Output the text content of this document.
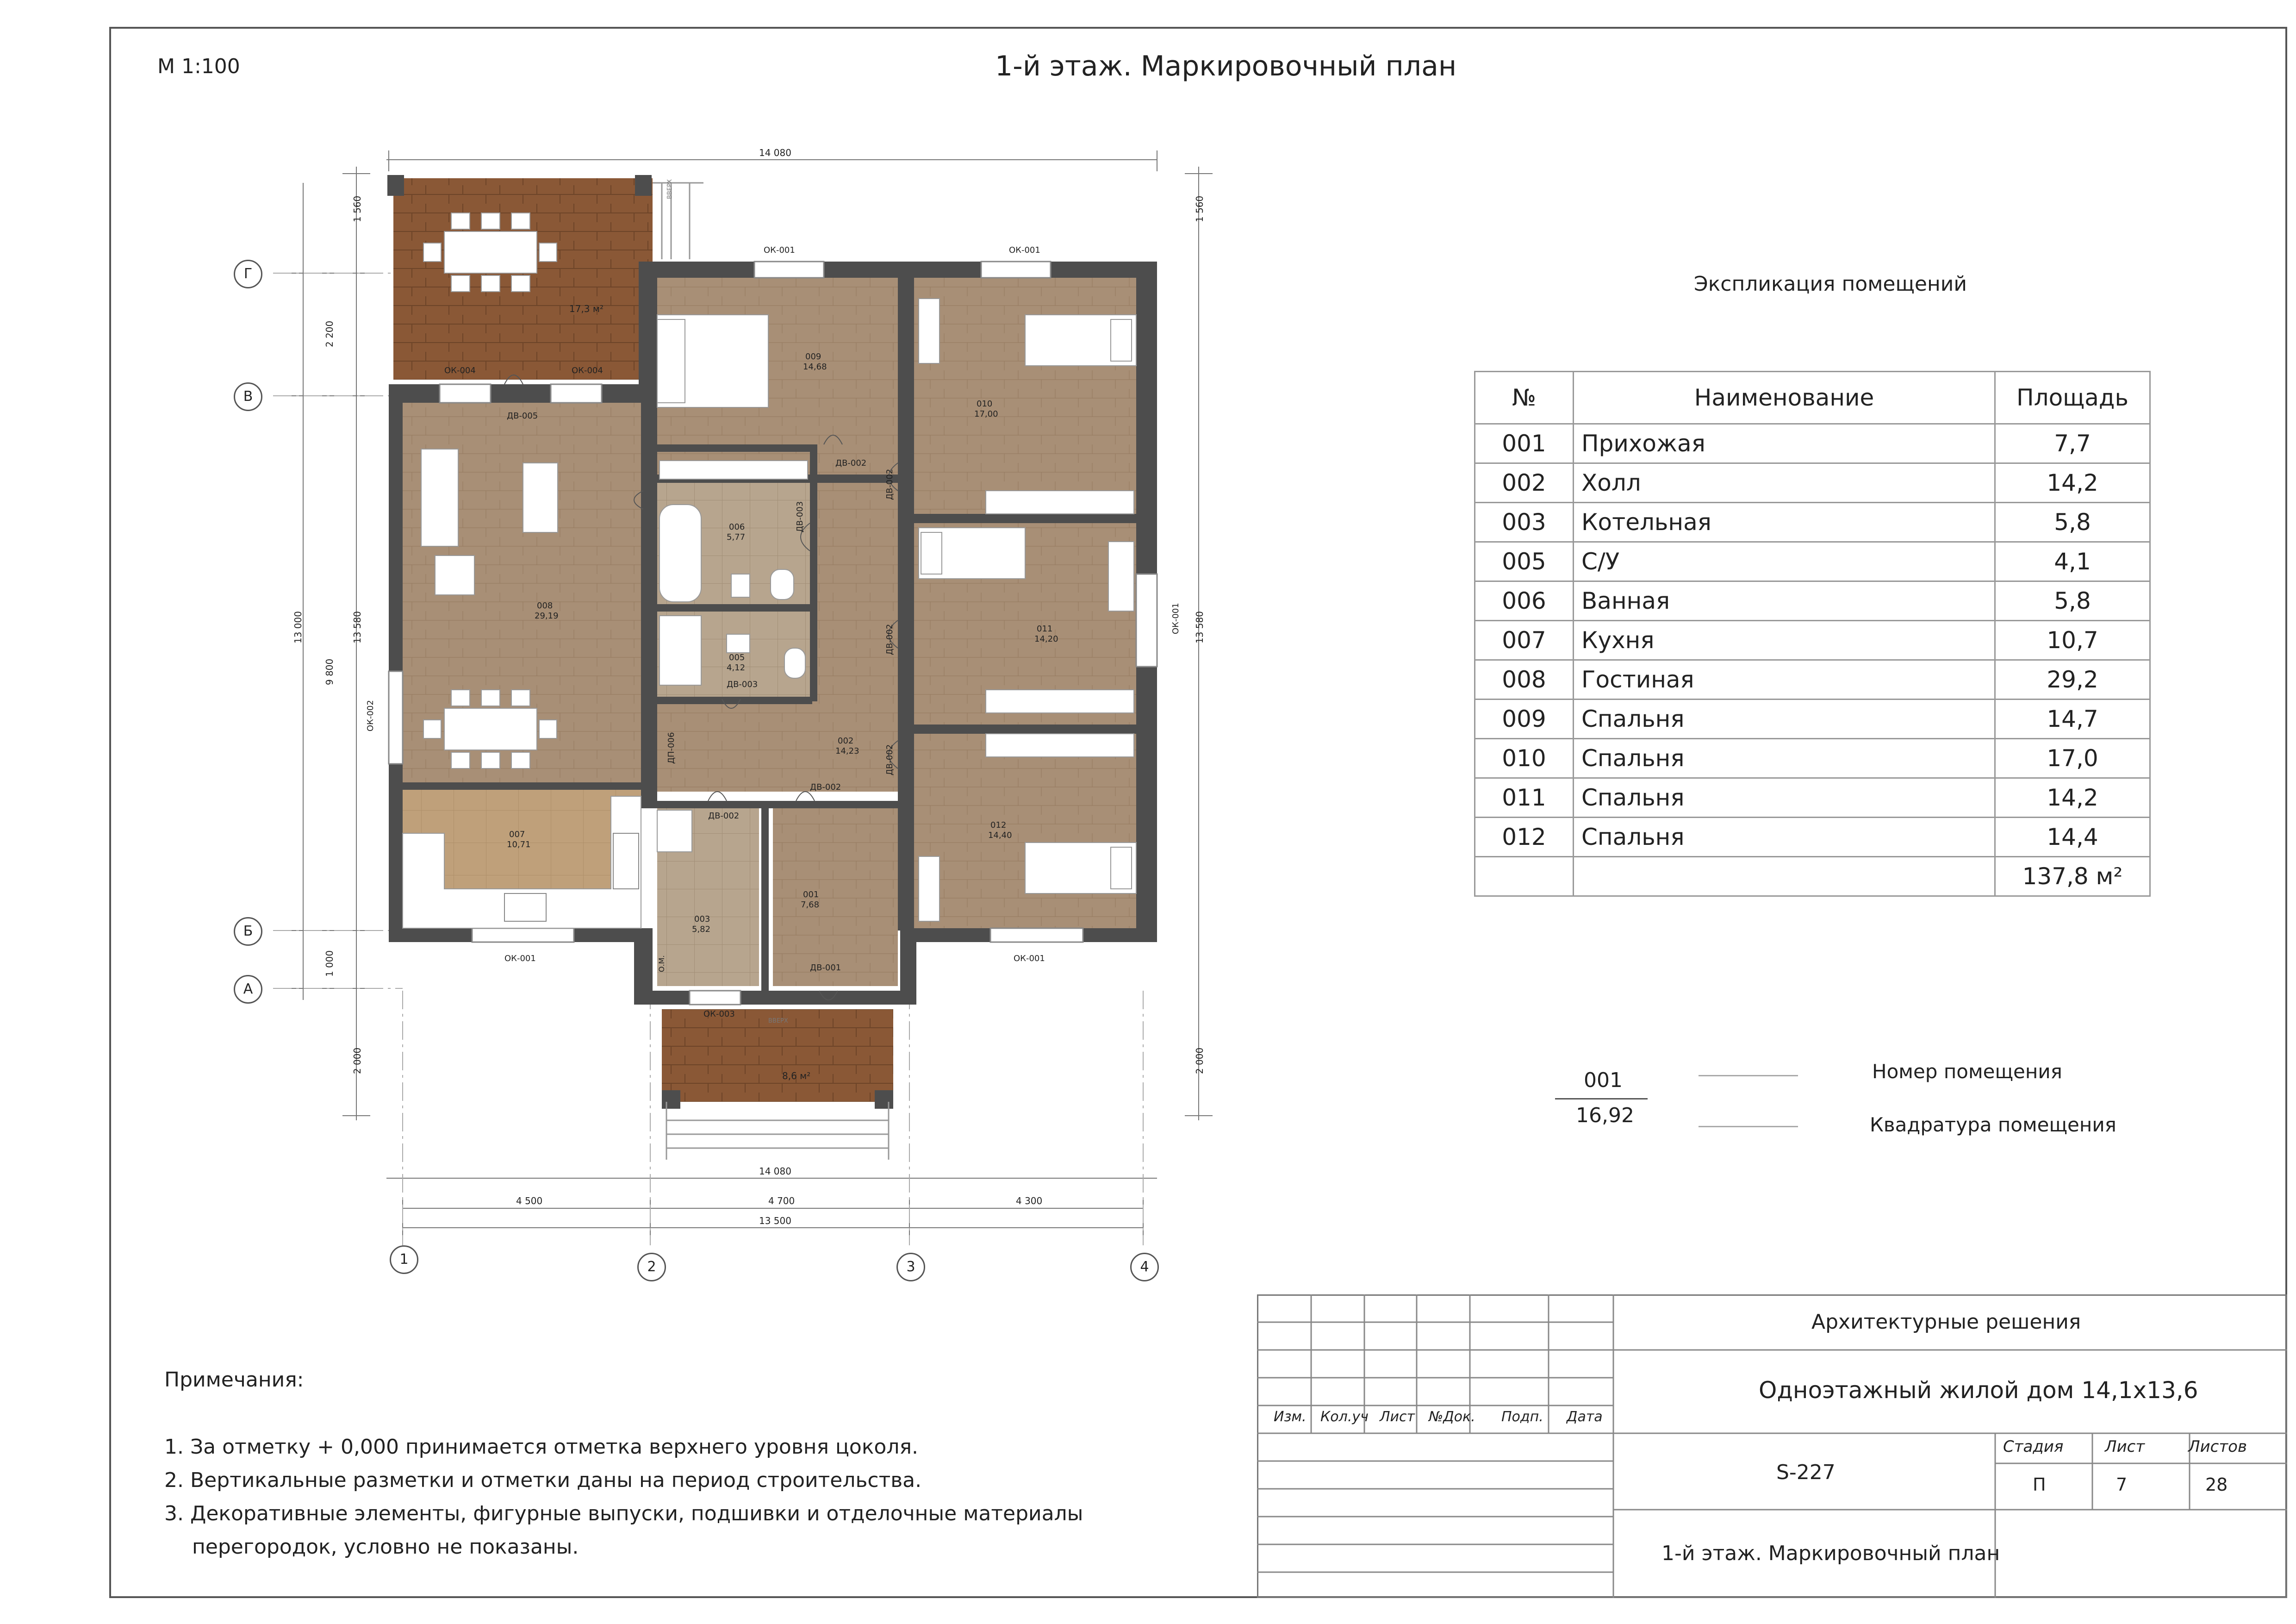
М 1:100	1-й этаж. Маркировочный план
17,3 м²
009
14,68
010
17,00
008
29,19
006
5,77
005
4,12
011
14,20
002
14,23
012
14,40
007
10,71
003
5,82
001
7,68
8,6 м²
ОК-001	ОК-001
ОК-004	ОК-004
ДВ-005
ДВ-002
ДВ-003
ДВ-002
ДВ-002
ДВ-001
ОК-001	ОК-001
ОК-003
ОК-002
ОК-001
ДП-006
ДВ-003
ДВ-002
ДВ-002
ДВ-002
О.М.
ВВЕРХ
ВВЕРХ
14 080
14 080
4 500	4 700	4 300
13 500
1 560
2 200
9 800
1 000
2 000
13 000	13 580
1 560
13 580
2 000
1	2	3	4
Г
В
Б
А
Экспликация помещений
№	Наименование	Площадь
001	Прихожая	7,7
002	Холл	14,2
003	Котельная	5,8
005	С/У	4,1
006	Ванная	5,8
007	Кухня	10,7
008	Гостиная	29,2
009	Спальня	14,7
010	Спальня	17,0
011	Спальня	14,2
012	Спальня	14,4
		137,8 м²
001
16,92
Номер помещения
Квадратура помещения
Примечания:
1. За отметку + 0,000 принимается отметка верхнего уровня цоколя.
2. Вертикальные разметки и отметки даны на период строительства.
3. Декоративные элементы, фигурные выпуски, подшивки и отделочные материалы
перегородок, условно не показаны.
Изм. Кол.уч Лист №Док. Подп. Дата
Архитектурные решения
Одноэтажный жилой дом 14,1х13,6
S-227
1-й этаж. Маркировочный план
Стадия	Лист	Листов
П	7	28
